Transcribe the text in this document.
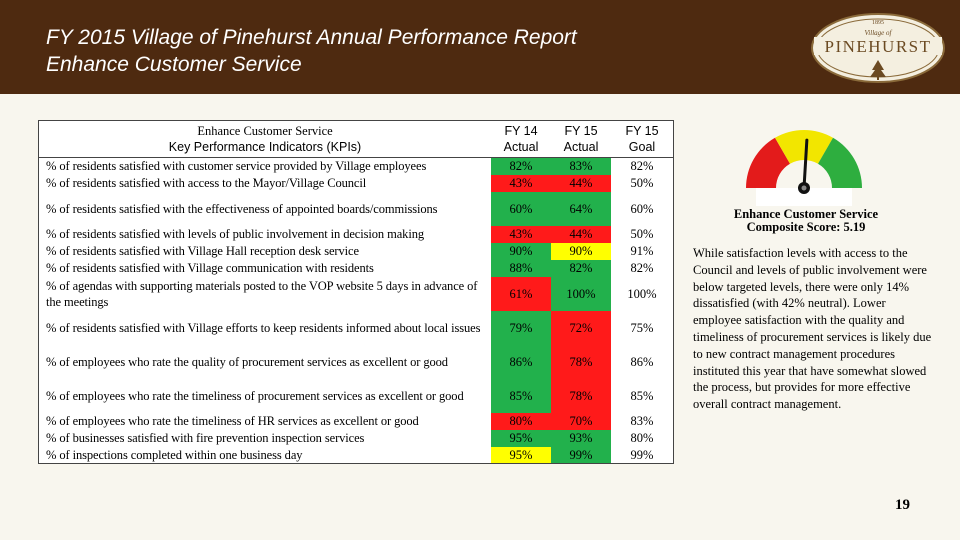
FY 2015 Village of Pinehurst Annual Performance Report
Enhance Customer Service
1895
Village of
PINEHURST
Enhance Customer Service
Key Performance Indicators (KPIs)	FY 14 Actual	FY 15 Actual	FY 15 Goal
% of residents satisfied with customer service provided by Village employees	82%	83%	82%
% of residents satisfied with access to the Mayor/Village Council	43%	44%	50%
% of residents satisfied with the effectiveness of appointed boards/commissions	60%	64%	60%
% of residents satisfied with levels of public involvement in decision making	43%	44%	50%
% of residents satisfied with Village Hall reception desk service	90%	90%	91%
% of residents satisfied with Village communication with residents	88%	82%	82%
% of agendas with supporting materials posted to the VOP website 5 days in advance of the meetings	61%	100%	100%
% of residents satisfied with Village efforts to keep residents informed about local issues	79%	72%	75%
% of employees who rate the quality of procurement services as excellent or good	86%	78%	86%
% of employees who rate the timeliness of procurement services as excellent or good	85%	78%	85%
% of employees who rate the timeliness of HR services as excellent or good	80%	70%	83%
% of businesses satisfied with fire prevention inspection services	95%	93%	80%
% of inspections completed within one business day	95%	99%	99%
Enhance Customer Service
Composite Score: 5.19
While satisfaction levels with access to the Council and levels of public involvement were below targeted levels, there were only 14% dissatisfied (with 42% neutral). Lower employee satisfaction with the quality and timeliness of procurement services is likely due to new contract management procedures instituted this year that have somewhat slowed the process, but provides for more effective overall contract management.
19
